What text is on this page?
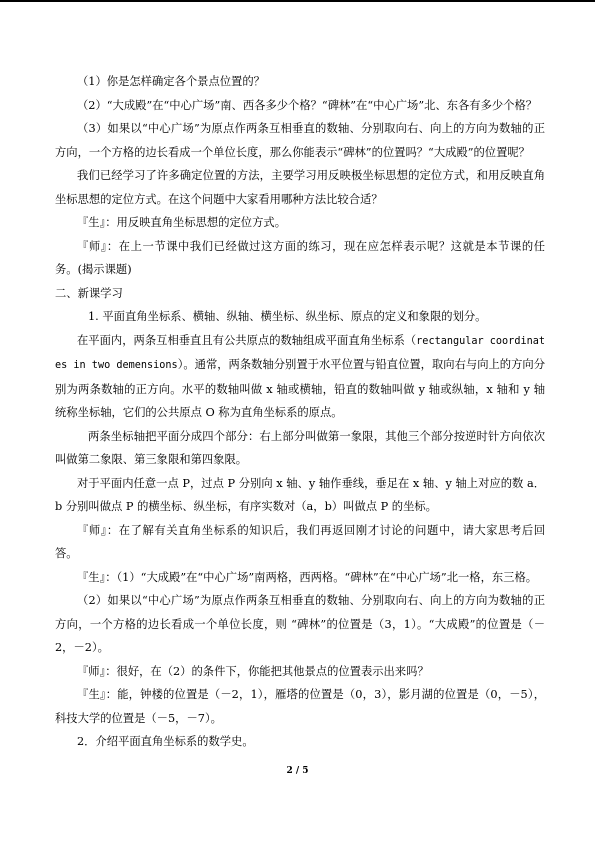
（1）你是怎样确定各个景点位置的？

（2）“大成殿”在“中心广场”南、西各多少个格？“碑林”在“中心广场”北、东各有多少个格？

（3）如果以“中心广场”为原点作两条互相垂直的数轴、分别取向右、向上的方向为数轴的正方向，一个方格的边长看成一个单位长度，那么你能表示“碑林”的位置吗？“大成殿”的位置呢？

我们已经学习了许多确定位置的方法，主要学习用反映极坐标思想的定位方式，和用反映直角坐标思想的定位方式。在这个问题中大家看用哪种方法比较合适？

『生』：用反映直角坐标思想的定位方式。

『师』：在上一节课中我们已经做过这方面的练习，现在应怎样表示呢？这就是本节课的任务。(揭示课题)

二、新课学习

1. 平面直角坐标系、横轴、纵轴、横坐标、纵坐标、原点的定义和象限的划分。

在平面内，两条互相垂直且有公共原点的数轴组成平面直角坐标系（rectangular coordinates in two demensions）。通常，两条数轴分别置于水平位置与铅直位置，取向右与向上的方向分别为两条数轴的正方向。水平的数轴叫做 x 轴或横轴，铅直的数轴叫做 y 轴或纵轴，x 轴和 y 轴统称坐标轴，它们的公共原点 O 称为直角坐标系的原点。

两条坐标轴把平面分成四个部分：右上部分叫做第一象限，其他三个部分按逆时针方向依次叫做第二象限、第三象限和第四象限。

对于平面内任意一点 P，过点 P 分别向 x 轴、y 轴作垂线，垂足在 x 轴、y 轴上对应的数 a．b 分别叫做点 P 的横坐标、纵坐标，有序实数对（a，b）叫做点 P 的坐标。

『师』：在了解有关直角坐标系的知识后，我们再返回刚才讨论的问题中，请大家思考后回答。

『生』：（1）“大成殿”在“中心广场”南两格，西两格。“碑林”在“中心广场”北一格，东三格。

（2）如果以“中心广场”为原点作两条互相垂直的数轴、分别取向右、向上的方向为数轴的正方向，一个方格的边长看成一个单位长度，则 “碑林”的位置是（3，1）。“大成殿”的位置是（－2，－2）。

『师』：很好，在（2）的条件下，你能把其他景点的位置表示出来吗？

『生』：能，钟楼的位置是（－2，1），雁塔的位置是（0，3），影月湖的位置是（0，－5），科技大学的位置是（－5，－7）。

2．介绍平面直角坐标系的数学史。

2 / 5
